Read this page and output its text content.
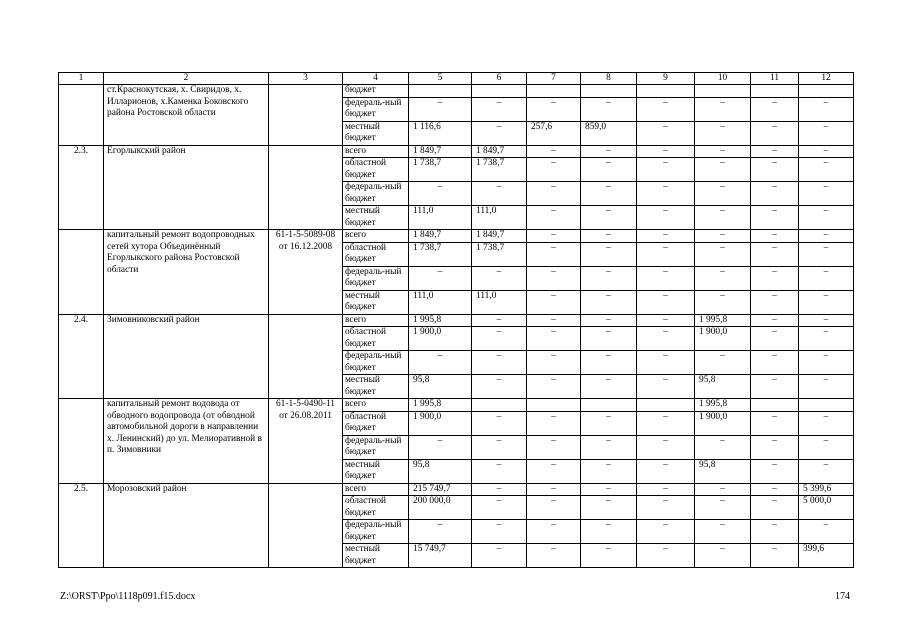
1	2	3	4	5	6	7	8	9	10	11	12
	ст.Краснокутская, х. Свиридов, х. Илларионов, х.Каменка Боковского района Ростовской области		бюджет								
			федераль-ный бюджет	–	–	–	–	–	–	–	–
			местный бюджет	1 116,6	–	257,6	859,0	–	–	–	–
2.3.	Егорлыкский район		всего	1 849,7	1 849,7	–	–	–	–	–	–
			областной бюджет	1 738,7	1 738,7	–	–	–	–	–	–
			федераль-ный бюджет	–	–	–	–	–	–	–	–
			местный бюджет	111,0	111,0	–	–	–	–	–	–
	капитальный ремонт водопроводных сетей хутора Объединённый Егорлыкского района Ростовской области	61-1-5-5089-08 от 16.12.2008	всего	1 849,7	1 849,7	–	–	–	–	–	–
			областной бюджет	1 738,7	1 738,7	–	–	–	–	–	–
			федераль-ный бюджет	–	–	–	–	–	–	–	–
			местный бюджет	111,0	111,0	–	–	–	–	–	–
2.4.	Зимовниковский район		всего	1 995,8	–	–	–	–	1 995,8	–	–
			областной бюджет	1 900,0	–	–	–	–	1 900,0	–	–
			федераль-ный бюджет	–	–	–	–	–	–	–	–
			местный бюджет	95,8	–	–	–	–	95,8	–	–
	капитальный ремонт водовода от обводного водопровода (от обводной автомобильной дороги в направлении х. Ленинский) до ул. Мелиоративной в п. Зимовники	61-1-5-0490-11 от 26.08.2011	всего	1 995,8					1 995,8		
			областной бюджет	1 900,0	–	–	–	–	1 900,0	–	–
			федераль-ный бюджет	–	–	–	–	–	–	–	–
			местный бюджет	95,8	–	–	–	–	95,8	–	–
2.5.	Морозовский район		всего	215 749,7	–	–	–	–	–	–	5 399,6
			областной бюджет	200 000,0	–	–	–	–	–	–	5 000,0
			федераль-ный бюджет	–	–	–	–	–	–	–	–
			местный бюджет	15 749,7	–	–	–	–	–	–	399,6
Z:\ORST\Ppo\1118p091.f15.docx	174
